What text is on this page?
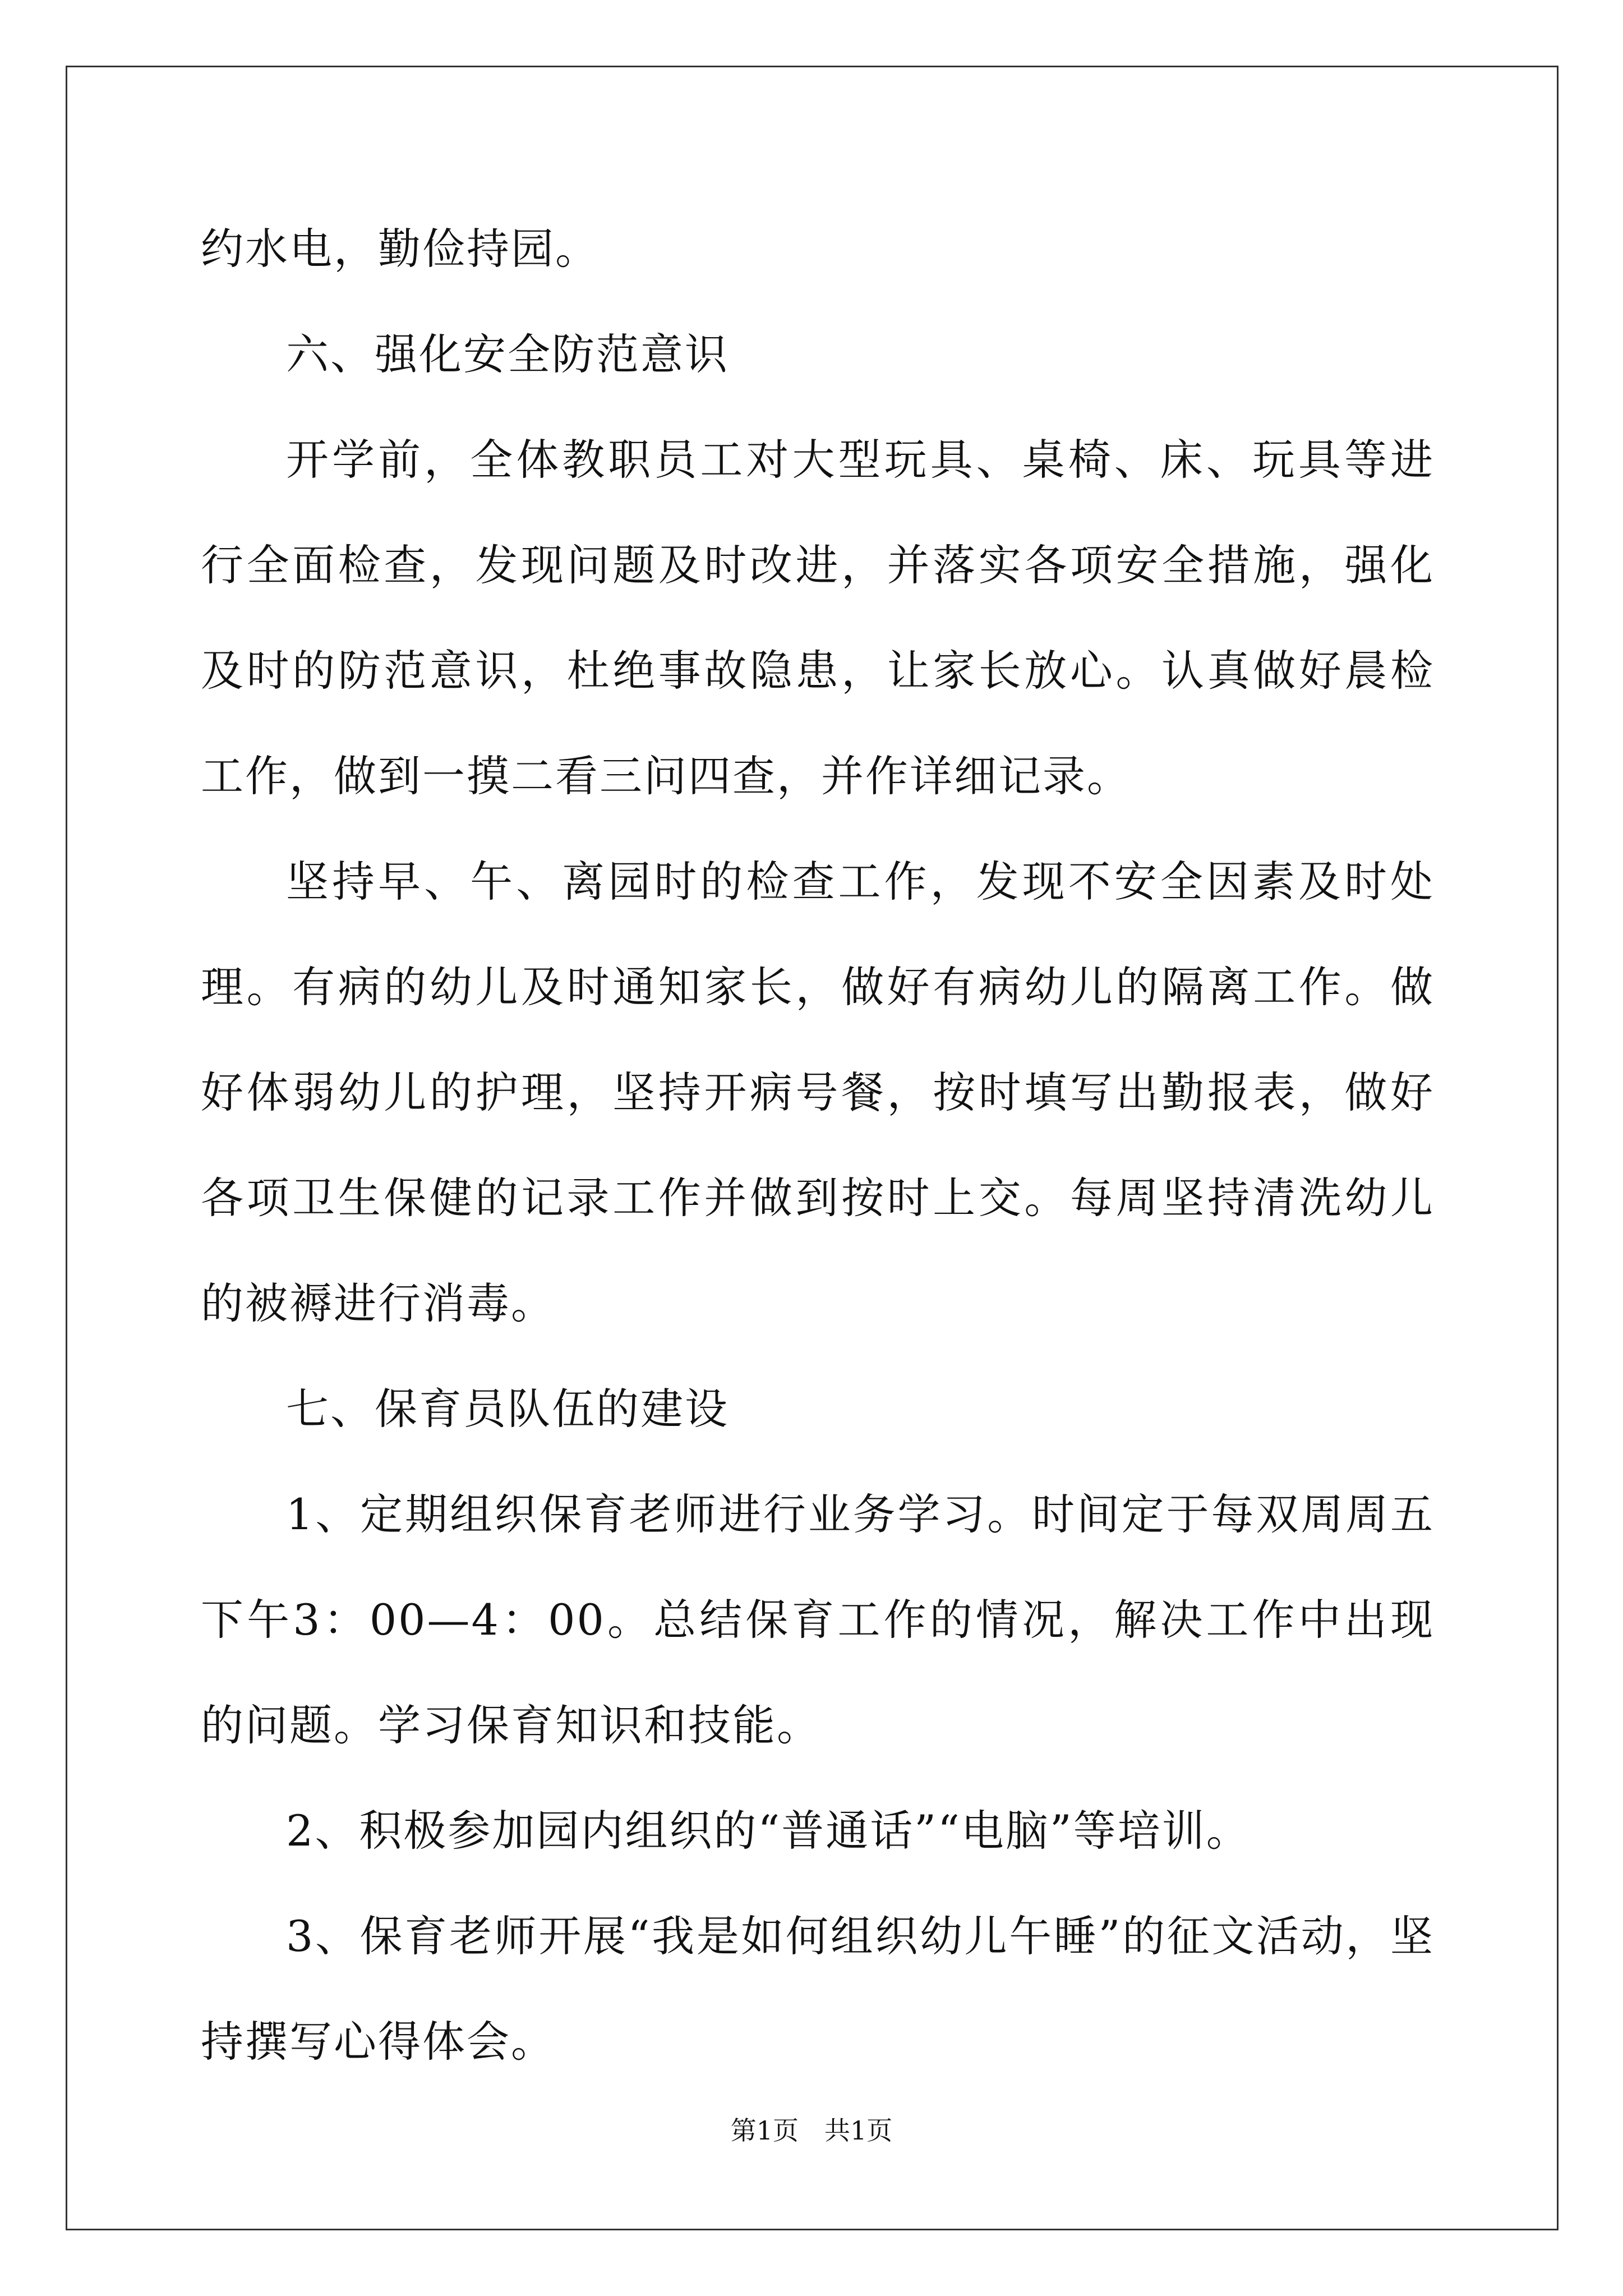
约水电，勤俭持园。

六、强化安全防范意识

开学前，全体教职员工对大型玩具、桌椅、床、玩具等进行全面检查，发现问题及时改进，并落实各项安全措施，强化及时的防范意识，杜绝事故隐患，让家长放心。认真做好晨检工作，做到一摸二看三问四查，并作详细记录。

坚持早、午、离园时的检查工作，发现不安全因素及时处理。有病的幼儿及时通知家长，做好有病幼儿的隔离工作。做好体弱幼儿的护理，坚持开病号餐，按时填写出勤报表，做好各项卫生保健的记录工作并做到按时上交。每周坚持清洗幼儿的被褥进行消毒。

七、保育员队伍的建设

1、定期组织保育老师进行业务学习。时间定于每双周周五下午3：00—4：00。总结保育工作的情况，解决工作中出现的问题。学习保育知识和技能。

2、积极参加园内组织的“普通话”“电脑”等培训。

3、保育老师开展“我是如何组织幼儿午睡”的征文活动，坚持撰写心得体会。

第1页 共1页
